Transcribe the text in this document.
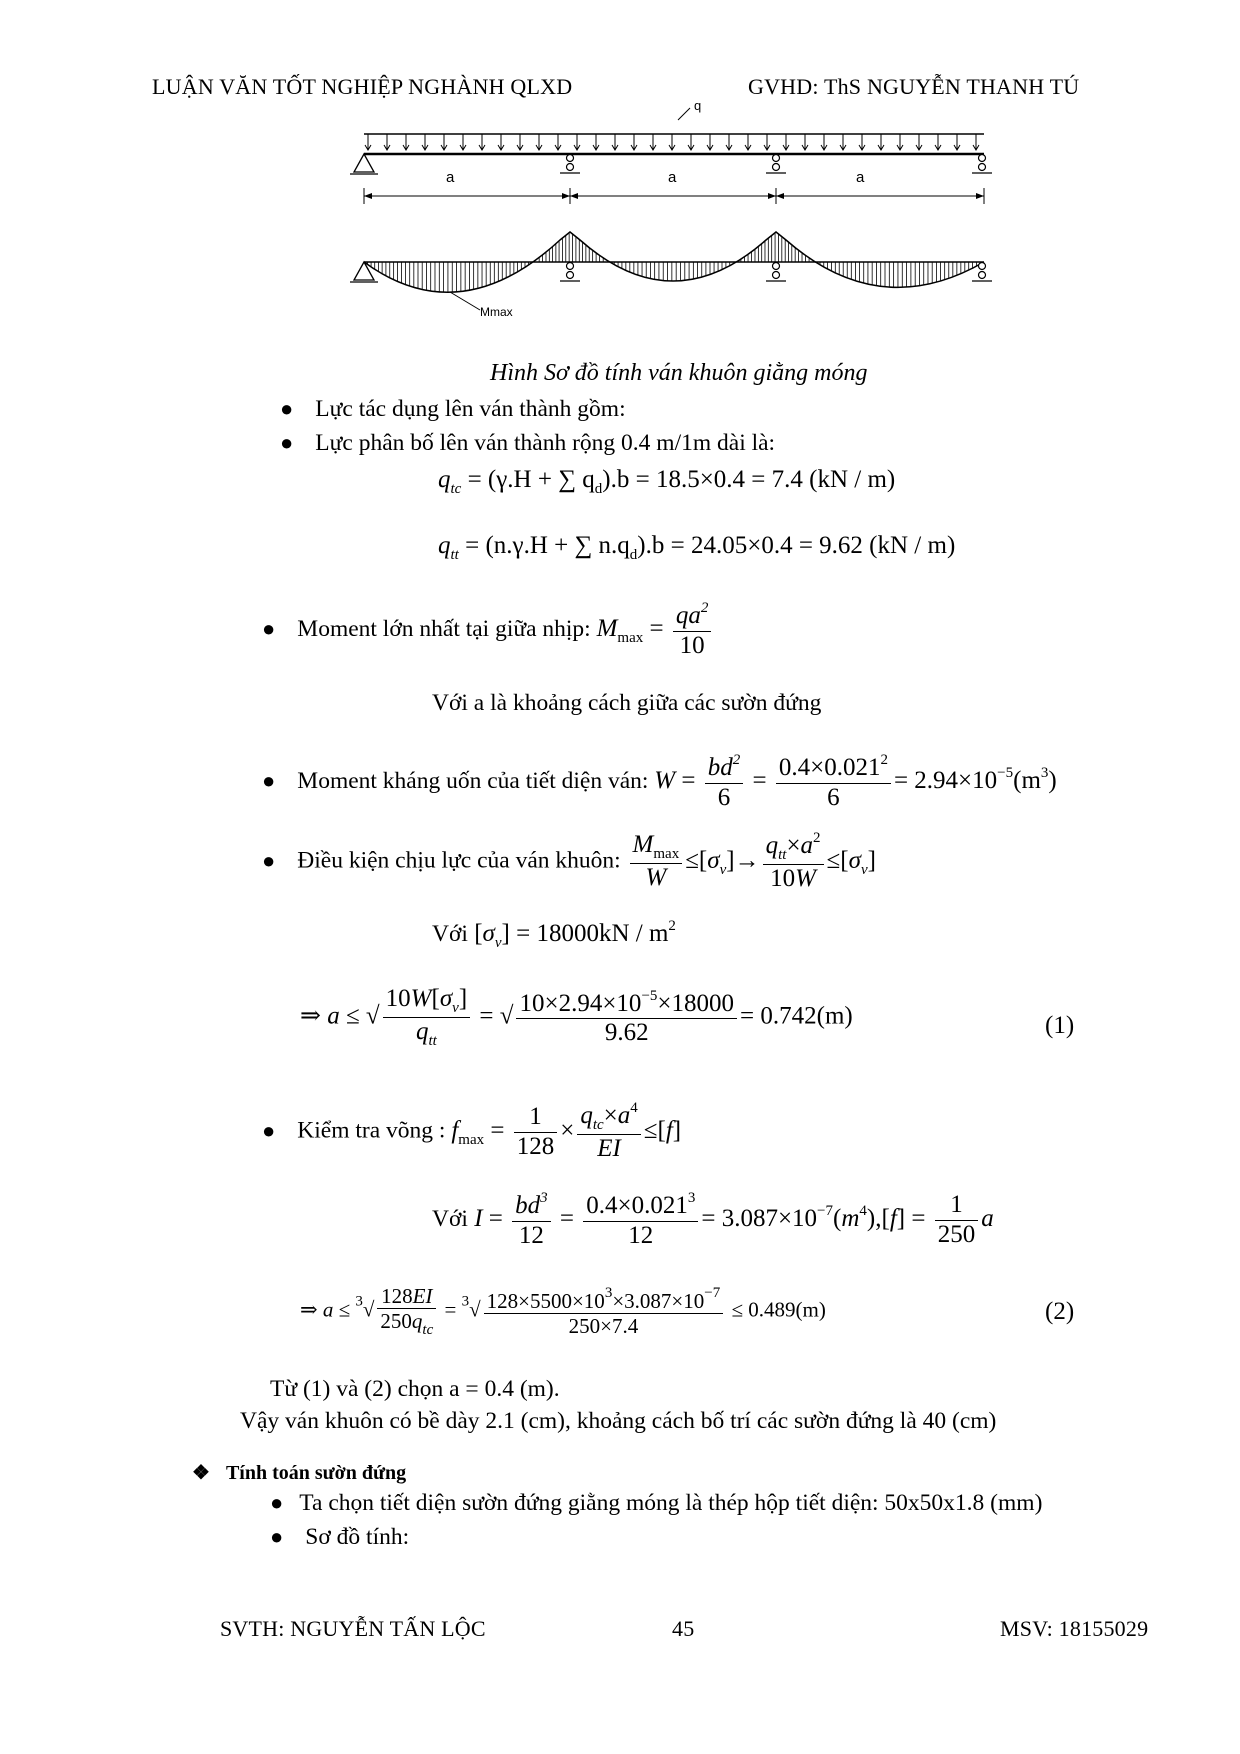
LUẬN VĂN TỐT NGHIỆP NGHÀNH QLXD	GVHD: ThS NGUYỄN THANH TÚ
q
a	a	a
Mmax
Hình Sơ đồ tính ván khuôn giằng móng
● Lực tác dụng lên ván thành gồm:
● Lực phân bố lên ván thành rộng 0.4 m/1m dài là:
$q_{tc} = (\gamma.H$ + ∑ $q_d).b = 18.5\times 0.4 = 7.4$ (kN / m)
$q_{tt} = (n.\gamma.H$ + ∑ $n.q_d).b = 24.05\times 0.4 = 9.62$ (kN / m)
● Moment lớn nhất tại giữa nhịp: $M_{max} = \frac{qa^2}{10}$
Với a là khoảng cách giữa các sườn đứng
● Moment kháng uốn của tiết diện ván: $W = \frac{bd^2}{6} = \frac{0.4\times 0.021^2}{6} = 2.94\times 10^{-5}(m^3)$
● Điều kiện chịu lực của ván khuôn: $\frac{M_{max}}{W} \le[\sigma_v]\to \frac{q_{tt}\times a^2}{10W} \le[\sigma_v]$
Với $[\sigma_v] = 18000kN / m^2$
⇒ a ≤ √ $\frac{10W[\sigma_v]}{q_{tt}}$ = √ $\frac{10\times 2.94\times 10^{-5}\times 18000}{9.62} = 0.742(m)$	(1)
● Kiểm tra võng : $f_{max} = \frac{1}{128} \times \frac{q_{tc}\times a^4}{EI} \le[f]$
Với $I = \frac{bd^3}{12} = \frac{0.4\times 0.021^3}{12} = 3.087\times 10^{-7}(m^4),[f] = \frac{1}{250}$ a
⇒ $a \le ^3√ \frac{128EI}{250q_{tc}} = ^3√ \frac{128\times 5500\times 10^3\times 3.087\times 10^{-7}}{250\times 7.4} \le 0.489(m)$	(2)
Từ (1) và (2) chọn a = 0.4 (m).
Vậy ván khuôn có bề dày 2.1 (cm), khoảng cách bố trí các sườn đứng là 40 (cm)
❖ Tính toán sườn đứng
● Ta chọn tiết diện sườn đứng giằng móng là thép hộp tiết diện: 50x50x1.8 (mm)
● Sơ đồ tính:
SVTH: NGUYỄN TẤN LỘC	45	MSV: 18155029
